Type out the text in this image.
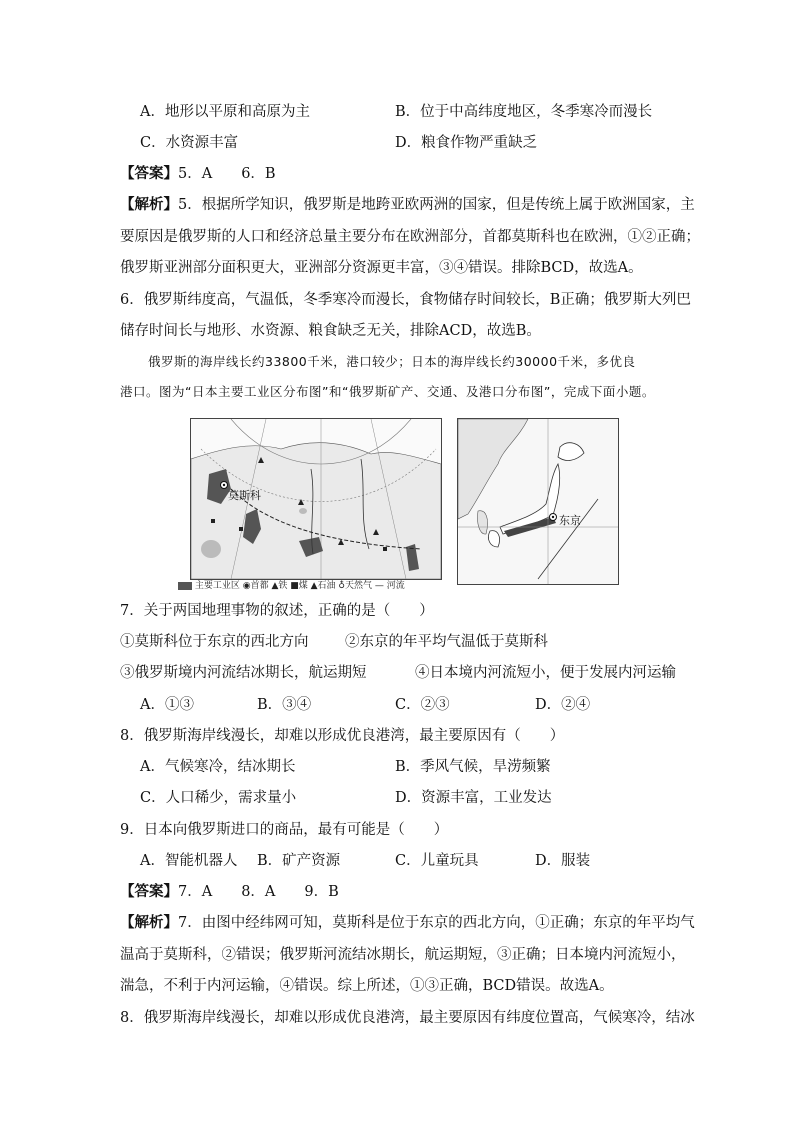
A．地形以平原和高原为主	B．位于中高纬度地区，冬季寒冷而漫长
C．水资源丰富	D．粮食作物严重缺乏
【答案】5．A　　6．B
【解析】5．根据所学知识，俄罗斯是地跨亚欧两洲的国家，但是传统上属于欧洲国家，主
要原因是俄罗斯的人口和经济总量主要分布在欧洲部分，首都莫斯科也在欧洲，①②正确；
俄罗斯亚洲部分面积更大，亚洲部分资源更丰富，③④错误。排除BCD，故选A。
6．俄罗斯纬度高，气温低，冬季寒冷而漫长，食物储存时间较长，B正确；俄罗斯大列巴
储存时间长与地形、水资源、粮食缺乏无关，排除ACD，故选B。
俄罗斯的海岸线长约33800千米，港口较少；日本的海岸线长约30000千米，多优良
港口。图为“日本主要工业区分布图”和“俄罗斯矿产、交通、及港口分布图”，完成下面小题。
莫斯科
东京
主要工业区 ◉首都 ▲铁 ■煤 ▲石油 ♁天然气 — 河流
7．关于两国地理事物的叙述，正确的是（　　）
①莫斯科位于东京的西北方向	②东京的年平均气温低于莫斯科
③俄罗斯境内河流结冰期长，航运期短	④日本境内河流短小，便于发展内河运输
A．①③	B．③④	C．②③	D．②④
8．俄罗斯海岸线漫长，却难以形成优良港湾，最主要原因有（　　）
A．气候寒冷，结冰期长	B．季风气候，旱涝频繁
C．人口稀少，需求量小	D．资源丰富，工业发达
9．日本向俄罗斯进口的商品，最有可能是（　　）
A．智能机器人 B．矿产资源	C．儿童玩具	D．服装
【答案】7．A　　8．A　　9．B
【解析】7．由图中经纬网可知，莫斯科是位于东京的西北方向，①正确；东京的年平均气
温高于莫斯科，②错误；俄罗斯河流结冰期长，航运期短，③正确；日本境内河流短小，
湍急，不利于内河运输，④错误。综上所述，①③正确，BCD错误。故选A。
8．俄罗斯海岸线漫长，却难以形成优良港湾，最主要原因有纬度位置高，气候寒冷，结冰
